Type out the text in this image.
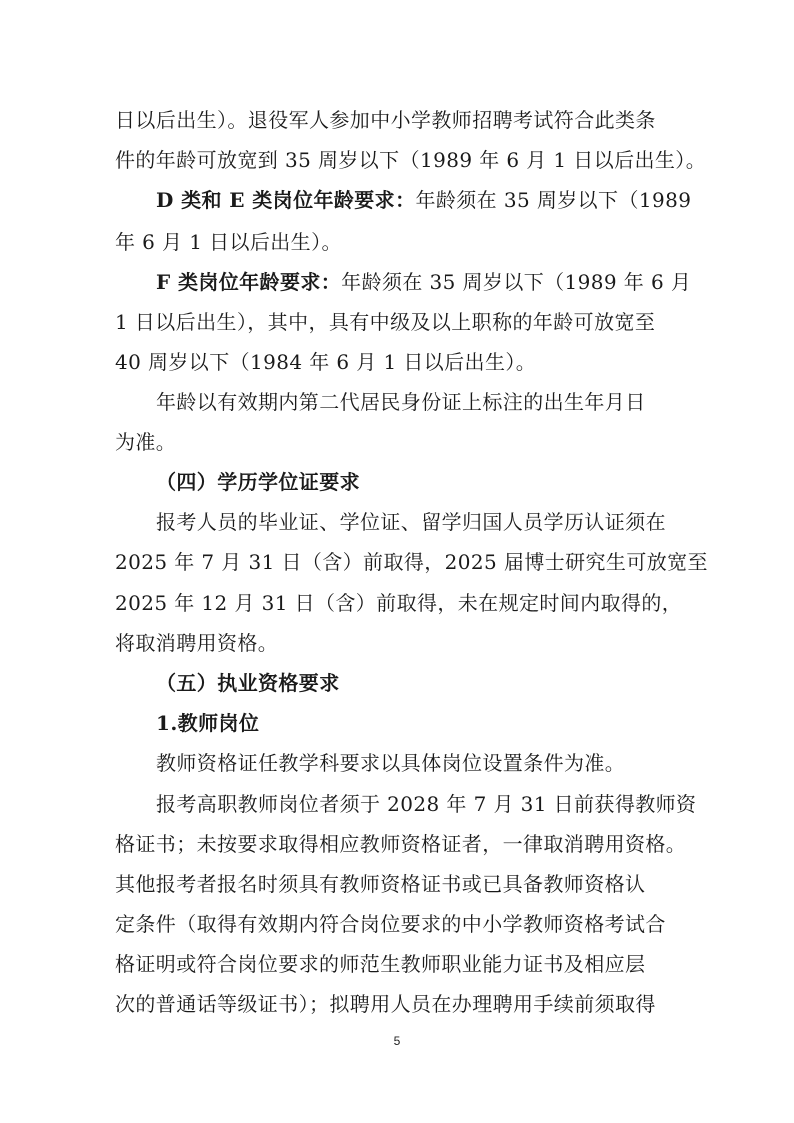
日以后出生）。退役军人参加中小学教师招聘考试符合此类条
件的年龄可放宽到 35 周岁以下（1989 年 6 月 1 日以后出生）。
D 类和 E 类岗位年龄要求：年龄须在 35 周岁以下（1989
年 6 月 1 日以后出生）。
F 类岗位年龄要求：年龄须在 35 周岁以下（1989 年 6 月
1 日以后出生），其中，具有中级及以上职称的年龄可放宽至
40 周岁以下（1984 年 6 月 1 日以后出生）。
年龄以有效期内第二代居民身份证上标注的出生年月日
为准。
（四）学历学位证要求
报考人员的毕业证、学位证、留学归国人员学历认证须在
2025 年 7 月 31 日（含）前取得，2025 届博士研究生可放宽至
2025 年 12 月 31 日（含）前取得，未在规定时间内取得的，
将取消聘用资格。
（五）执业资格要求
1.教师岗位
教师资格证任教学科要求以具体岗位设置条件为准。
报考高职教师岗位者须于 2028 年 7 月 31 日前获得教师资
格证书；未按要求取得相应教师资格证者，一律取消聘用资格。
其他报考者报名时须具有教师资格证书或已具备教师资格认
定条件（取得有效期内符合岗位要求的中小学教师资格考试合
格证明或符合岗位要求的师范生教师职业能力证书及相应层
次的普通话等级证书）；拟聘用人员在办理聘用手续前须取得
5
